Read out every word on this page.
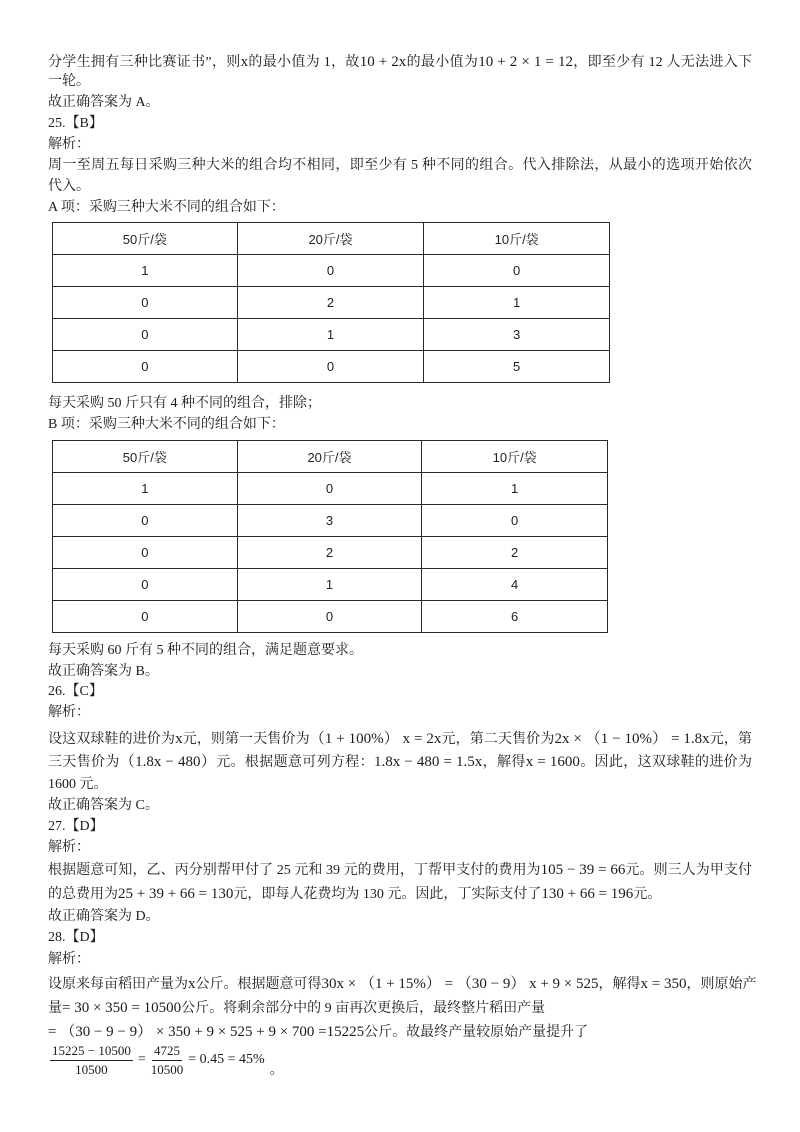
分学生拥有三种比赛证书”，则x的最小值为 1，故10 + 2x的最小值为10 + 2 × 1 = 12，即至少有 12 人无法进入下
一轮。
故正确答案为 A。
25.【B】
解析：
周一至周五每日采购三种大米的组合均不相同，即至少有 5 种不同的组合。代入排除法，从最小的选项开始依次
代入。
A 项：采购三种大米不同的组合如下：
50斤/袋	20斤/袋	10斤/袋
1	0	0
0	2	1
0	1	3
0	0	5
每天采购 50 斤只有 4 种不同的组合，排除；
B 项：采购三种大米不同的组合如下：
50斤/袋	20斤/袋	10斤/袋
1	0	1
0	3	0
0	2	2
0	1	4
0	0	6
每天采购 60 斤有 5 种不同的组合，满足题意要求。
故正确答案为 B。
26.【C】
解析：
设这双球鞋的进价为x元，则第一天售价为（1 + 100%） x = 2x元，第二天售价为2x × （1 − 10%） = 1.8x元，第
三天售价为（1.8x − 480）元。根据题意可列方程：1.8x − 480 = 1.5x，解得x = 1600。因此，这双球鞋的进价为
1600 元。
故正确答案为 C。
27.【D】
解析：
根据题意可知，乙、丙分别帮甲付了 25 元和 39 元的费用，丁帮甲支付的费用为105 − 39 = 66元。则三人为甲支付
的总费用为25 + 39 + 66 = 130元，即每人花费均为 130 元。因此，丁实际支付了130 + 66 = 196元。
故正确答案为 D。
28.【D】
解析：
设原来每亩稻田产量为x公斤。根据题意可得30x × （1 + 15%） = （30 − 9） x + 9 × 525，解得x = 350，则原始产
量= 30 × 350 = 10500公斤。将剩余部分中的 9 亩再次更换后，最终整片稻田产量
= （30 − 9 − 9） × 350 + 9 × 525 + 9 × 700 =15225公斤。故最终产量较原始产量提升了
$\frac{15225 - 10500}{10500} = \frac{4725}{10500} = 0.45 = 45\%$
。
